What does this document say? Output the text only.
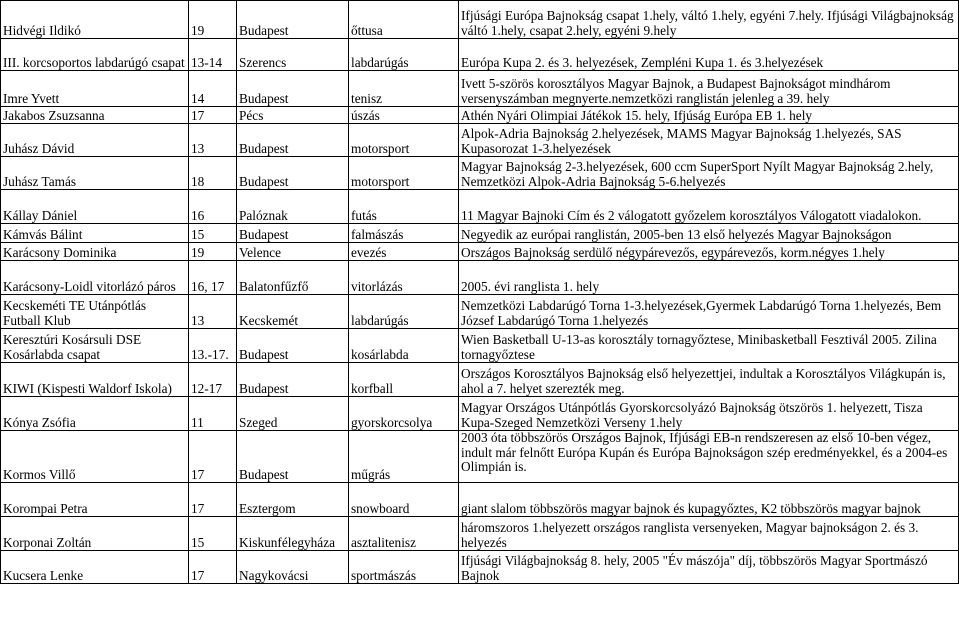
Hidvégi Ildikó	19	Budapest	őttusa	Ifjúsági Európa Bajnokság csapat 1.hely, váltó 1.hely, egyéni 7.hely. Ifjúsági Világbajnokság váltó 1.hely, csapat 2.hely, egyéni 9.hely

III. korcsoportos labdarúgó csapat	13-14	Szerencs	labdarúgás	Európa Kupa 2. és 3. helyezések, Zempléni Kupa 1. és 3.helyezések

Imre Yvett	14	Budapest	tenisz	Ivett 5-szörös korosztályos Magyar Bajnok, a Budapest Bajnokságot mindhárom versenyszámban megnyerte.nemzetközi ranglistán jelenleg a 39. hely

Jakabos Zsuzsanna	17	Pécs	úszás	Athén Nyári Olimpiai Játékok 15. hely, Ifjúság Európa EB 1. hely

Juhász Dávid	13	Budapest	motorsport	Alpok-Adria Bajnokság 2.helyezések, MAMS Magyar Bajnokság 1.helyezés, SAS Kupasorozat 1-3.helyezések

Juhász Tamás	18	Budapest	motorsport	Magyar Bajnokság 2-3.helyezések, 600 ccm SuperSport Nyílt Magyar Bajnokság 2.hely, Nemzetközi Alpok-Adria Bajnokság 5-6.helyezés

Kállay Dániel	16	Palóznak	futás	11 Magyar Bajnoki Cím és 2 válogatott győzelem korosztályos Válogatott viadalokon.

Kámvás Bálint	15	Budapest	falmászás	Negyedik az európai ranglistán, 2005-ben 13 első helyezés Magyar Bajnokságon

Karácsony Dominika	19	Velence	evezés	Országos Bajnokság serdülő négypárevezős, egypárevezős, korm.négyes 1.hely

Karácsony-Loidl vitorlázó páros	16, 17	Balatonfűzfő	vitorlázás	2005. évi ranglista 1. hely

Kecskeméti TE Utánpótlás Futball Klub	13	Kecskemét	labdarúgás	Nemzetközi Labdarúgó Torna 1-3.helyezések,Gyermek Labdarúgó Torna 1.helyezés, Bem József Labdarúgó Torna 1.helyezés

Keresztúri Kosársuli DSE Kosárlabda csapat	13.-17.	Budapest	kosárlabda	Wien Basketball U-13-as korosztály tornagyőztese, Minibasketball Fesztivál 2005. Zilina tornagyőztese

KIWI (Kispesti Waldorf Iskola)	12-17	Budapest	korfball	Országos Korosztályos Bajnokság első helyezettjei, indultak a Korosztályos Világkupán is, ahol a 7. helyet szerezték meg.

Kónya Zsófia	11	Szeged	gyorskorcsolya	Magyar Országos Utánpótlás Gyorskorcsolyázó Bajnokság ötszörös 1. helyezett, Tisza Kupa-Szeged Nemzetközi Verseny 1.hely

Kormos Villő	17	Budapest	műgrás	2003 óta többszörös Országos Bajnok, Ifjúsági EB-n rendszeresen az első 10-ben végez, indult már felnőtt Európa Kupán és Európa Bajnokságon szép eredményekkel, és a 2004-es Olimpián is.

Korompai Petra	17	Esztergom	snowboard	giant slalom többszörös magyar bajnok és kupagyőztes, K2 többszörös magyar bajnok

Korponai Zoltán	15	Kiskunfélegyháza	asztalitenisz	háromszoros 1.helyezett országos ranglista versenyeken, Magyar bajnokságon 2. és 3. helyezés

Kucsera Lenke	17	Nagykovácsi	sportmászás	Ifjúsági Világbajnokság 8. hely, 2005 "Év mászója" díj, többszörös Magyar Sportmászó Bajnok
